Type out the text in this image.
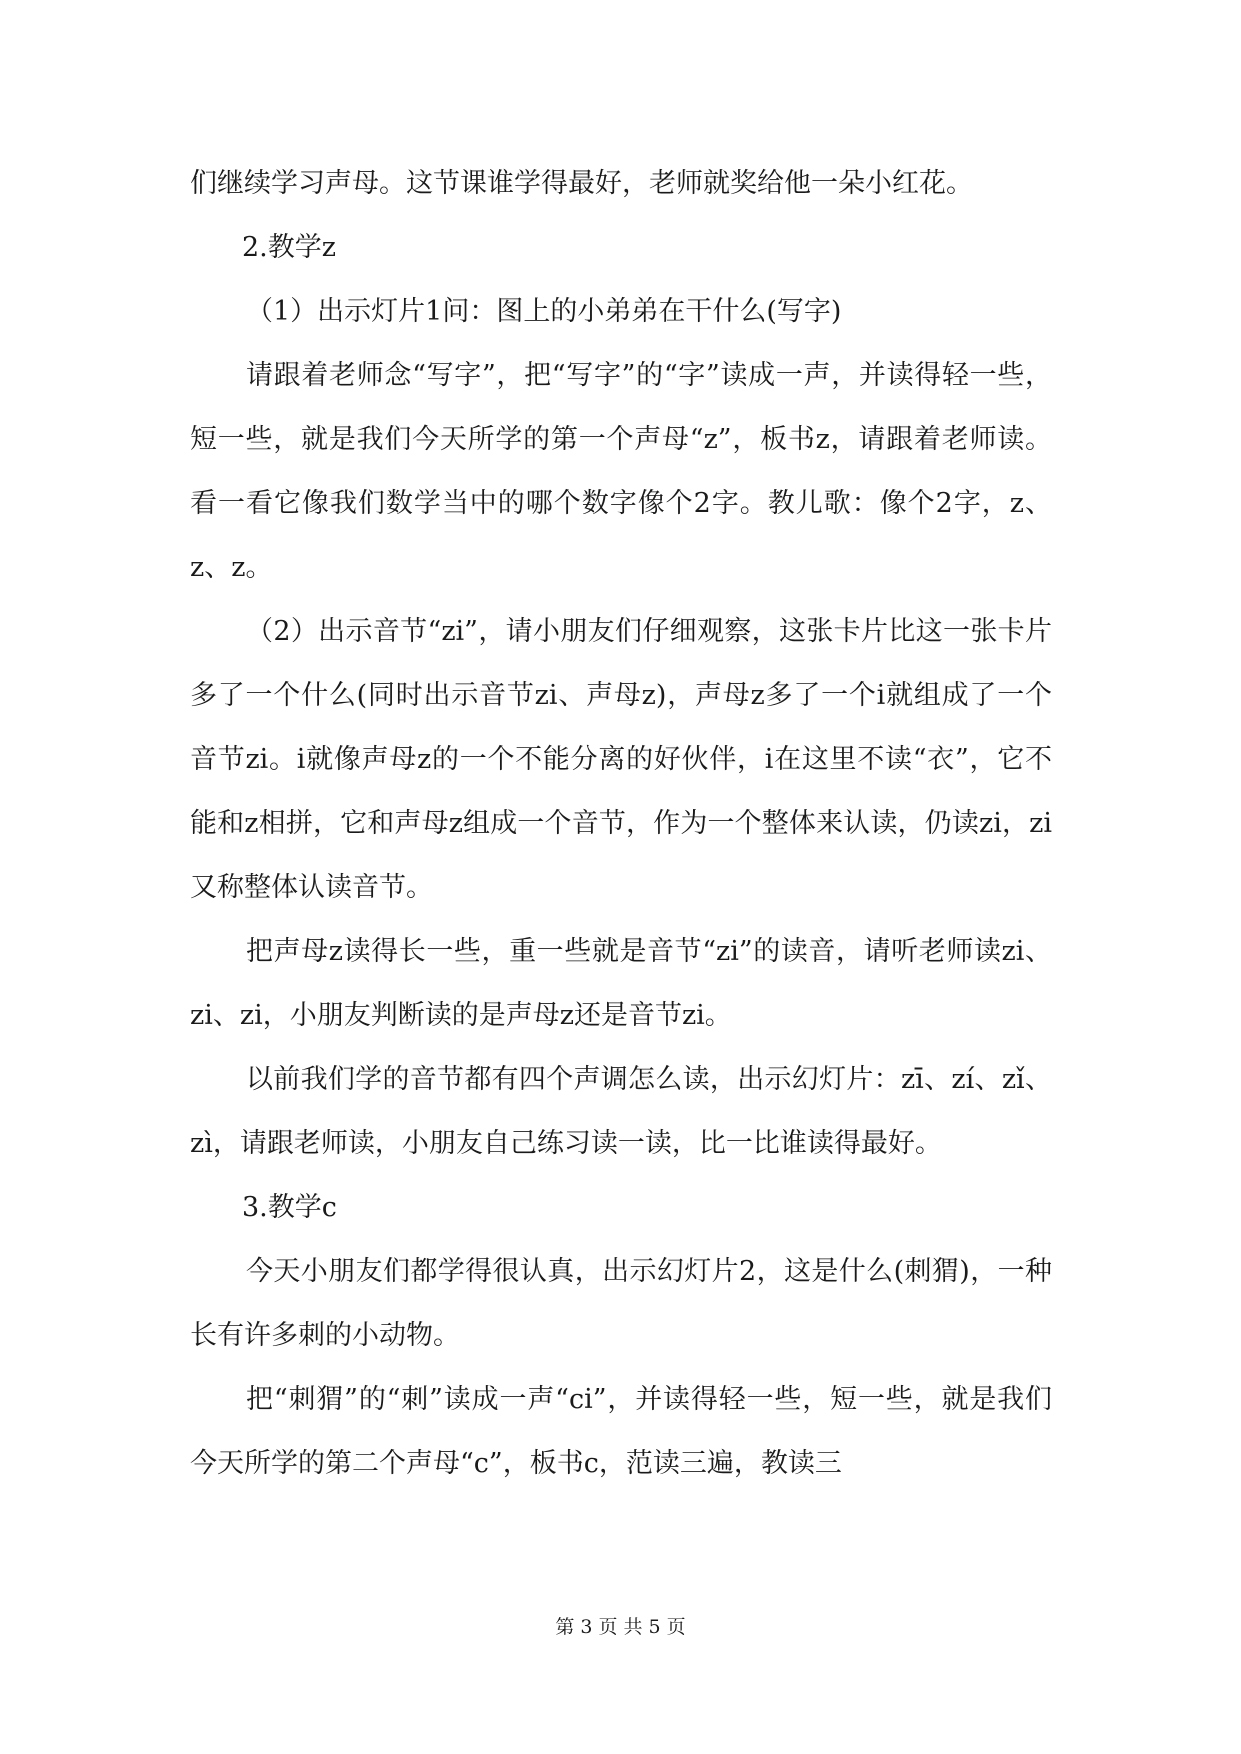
们继续学习声母。这节课谁学得最好，老师就奖给他一朵小红花。

2.教学z

（1）出示灯片1问：图上的小弟弟在干什么(写字)

请跟着老师念“写字”，把“写字”的“字”读成一声，并读得轻一些，短一些，就是我们今天所学的第一个声母“z”，板书z，请跟着老师读。看一看它像我们数学当中的哪个数字像个2字。教儿歌：像个2字，z、z、z。

（2）出示音节“zi”，请小朋友们仔细观察，这张卡片比这一张卡片多了一个什么(同时出示音节zi、声母z)，声母z多了一个i就组成了一个音节zi。i就像声母z的一个不能分离的好伙伴，i在这里不读“衣”，它不能和z相拼，它和声母z组成一个音节，作为一个整体来认读，仍读zi，zi又称整体认读音节。

把声母z读得长一些，重一些就是音节“zi”的读音，请听老师读zi、zi、zi，小朋友判断读的是声母z还是音节zi。

以前我们学的音节都有四个声调怎么读，出示幻灯片：zī、zí、zǐ、zì，请跟老师读，小朋友自己练习读一读，比一比谁读得最好。

3.教学c

今天小朋友们都学得很认真，出示幻灯片2，这是什么(刺猬)，一种长有许多刺的小动物。

把“刺猬”的“刺”读成一声“ci”，并读得轻一些，短一些，就是我们今天所学的第二个声母“c”，板书c，范读三遍，教读三

第 3 页 共 5 页
